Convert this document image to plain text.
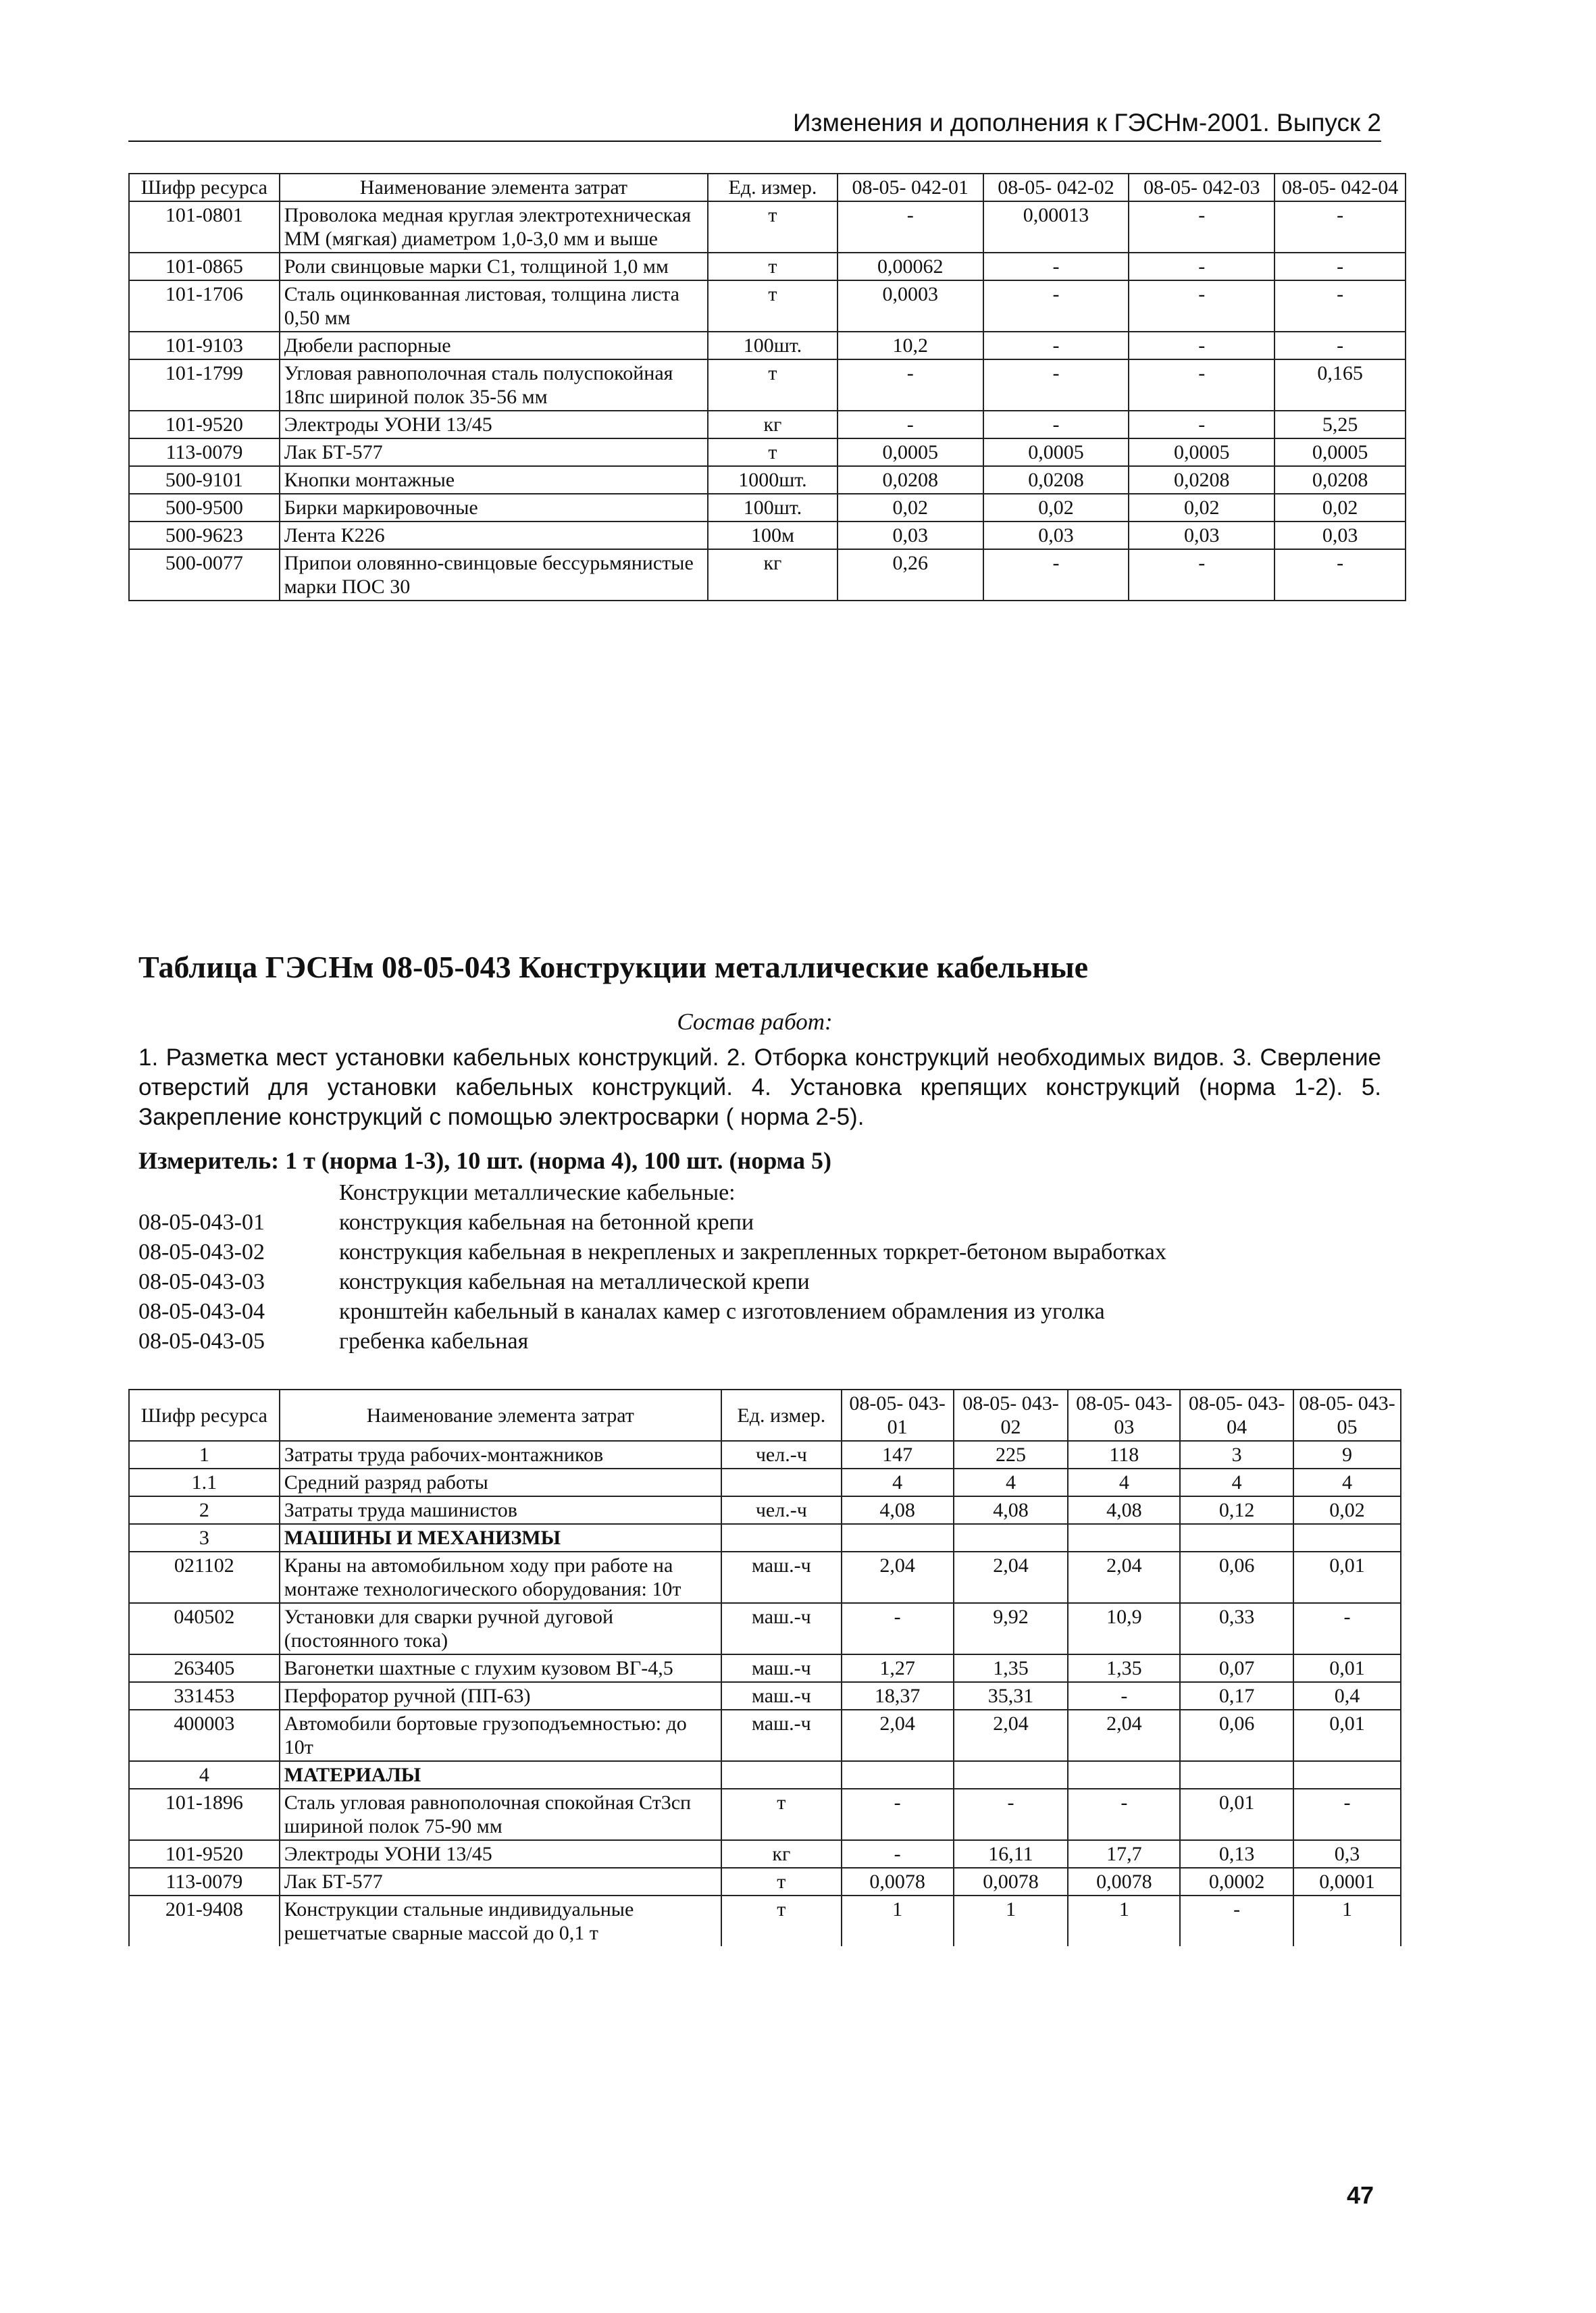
Изменения и дополнения к ГЭСНм-2001. Выпуск 2
Шифр ресурса	Наименование элемента затрат	Ед. измер.	08-05- 042-01	08-05- 042-02	08-05- 042-03	08-05- 042-04
101-0801	Проволока медная круглая электротехническая ММ (мягкая) диаметром 1,0-3,0 мм и выше	т	-	0,00013	-	-
101-0865	Роли свинцовые марки С1, толщиной 1,0 мм	т	0,00062	-	-	-
101-1706	Сталь оцинкованная листовая, толщина листа 0,50 мм	т	0,0003	-	-	-
101-9103	Дюбели распорные	100шт.	10,2	-	-	-
101-1799	Угловая равнополочная сталь полуспокойная 18пс шириной полок 35-56 мм	т	-	-	-	0,165
101-9520	Электроды УОНИ 13/45	кг	-	-	-	5,25
113-0079	Лак БТ-577	т	0,0005	0,0005	0,0005	0,0005
500-9101	Кнопки монтажные	1000шт.	0,0208	0,0208	0,0208	0,0208
500-9500	Бирки маркировочные	100шт.	0,02	0,02	0,02	0,02
500-9623	Лента К226	100м	0,03	0,03	0,03	0,03
500-0077	Припои оловянно-свинцовые бессурьмянистые марки ПОС 30	кг	0,26	-	-	-
Таблица ГЭСНм 08-05-043 Конструкции металлические кабельные
Состав работ:
1. Разметка мест установки кабельных конструкций. 2. Отборка конструкций необходимых видов. 3. Сверление отверстий для установки кабельных конструкций. 4. Установка крепящих конструкций (норма 1-2). 5. Закрепление конструкций с помощью электросварки ( норма 2-5).
Измеритель: 1 т (норма 1-3), 10 шт. (норма 4), 100 шт. (норма 5)
Конструкции металлические кабельные:
08-05-043-01	конструкция кабельная на бетонной крепи
08-05-043-02	конструкция кабельная в некрепленых и закрепленных торкрет-бетоном выработках
08-05-043-03	конструкция кабельная на металлической крепи
08-05-043-04	кронштейн кабельный в каналах камер с изготовлением обрамления из уголка
08-05-043-05	гребенка кабельная
Шифр ресурса	Наименование элемента затрат	Ед. измер.	08-05- 043-01	08-05- 043-02	08-05- 043-03	08-05- 043-04	08-05- 043-05
1	Затраты труда рабочих-монтажников	чел.-ч	147	225	118	3	9
1.1	Средний разряд работы		4	4	4	4	4
2	Затраты труда машинистов	чел.-ч	4,08	4,08	4,08	0,12	0,02
3	МАШИНЫ И МЕХАНИЗМЫ						
021102	Краны на автомобильном ходу при работе на монтаже технологического оборудования: 10т	маш.-ч	2,04	2,04	2,04	0,06	0,01
040502	Установки для сварки ручной дуговой (постоянного тока)	маш.-ч	-	9,92	10,9	0,33	-
263405	Вагонетки шахтные с глухим кузовом ВГ-4,5	маш.-ч	1,27	1,35	1,35	0,07	0,01
331453	Перфоратор ручной (ПП-63)	маш.-ч	18,37	35,31	-	0,17	0,4
400003	Автомобили бортовые грузоподъемностью: до 10т	маш.-ч	2,04	2,04	2,04	0,06	0,01
4	МАТЕРИАЛЫ						
101-1896	Сталь угловая равнополочная спокойная Ст3сп шириной полок 75-90 мм	т	-	-	-	0,01	-
101-9520	Электроды УОНИ 13/45	кг	-	16,11	17,7	0,13	0,3
113-0079	Лак БТ-577	т	0,0078	0,0078	0,0078	0,0002	0,0001
201-9408	Конструкции стальные индивидуальные решетчатые сварные массой до 0,1 т	т	1	1	1	-	1
47
